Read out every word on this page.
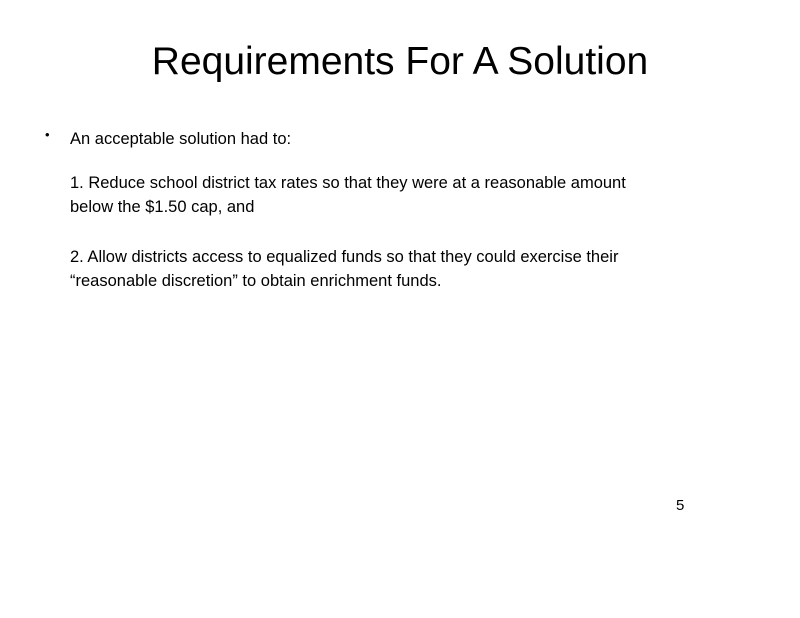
Requirements For A Solution
• An acceptable solution had to:
1. Reduce school district tax rates so that they were at a reasonable amount below the $1.50 cap, and
2. Allow districts access to equalized funds so that they could exercise their “reasonable discretion” to obtain enrichment funds.
5
